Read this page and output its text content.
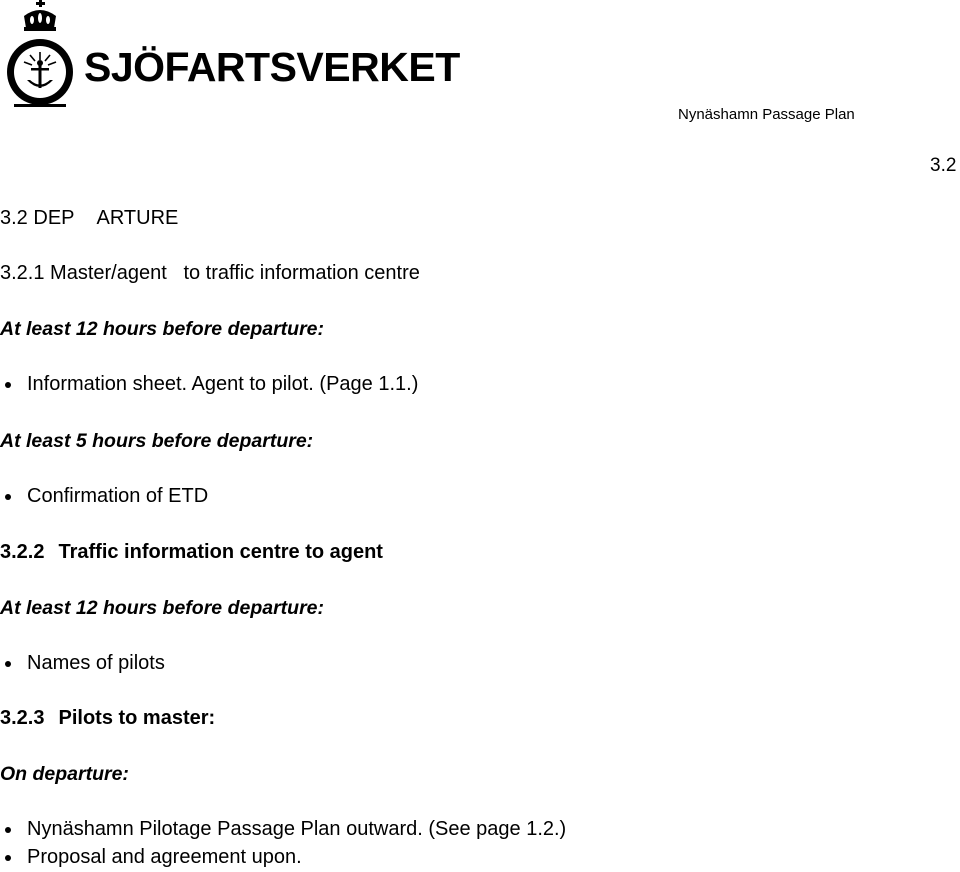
SJÖFARTSVERKET
Nynäshamn Passage Plan
3.2
3.2 DEP ARTURE
3.2.1 Master/agent   to traffic information centre
At least 12 hours before departure:
Information sheet. Agent to pilot. (Page 1.1.)
At least 5 hours before departure:
Confirmation of ETD
3.2.2 Traffic information centre to agent
At least 12 hours before departure:
Names of pilots
3.2.3 Pilots to master:
On departure:
Nynäshamn Pilotage Passage Plan outward. (See page 1.2.)
Proposal and agreement upon.
